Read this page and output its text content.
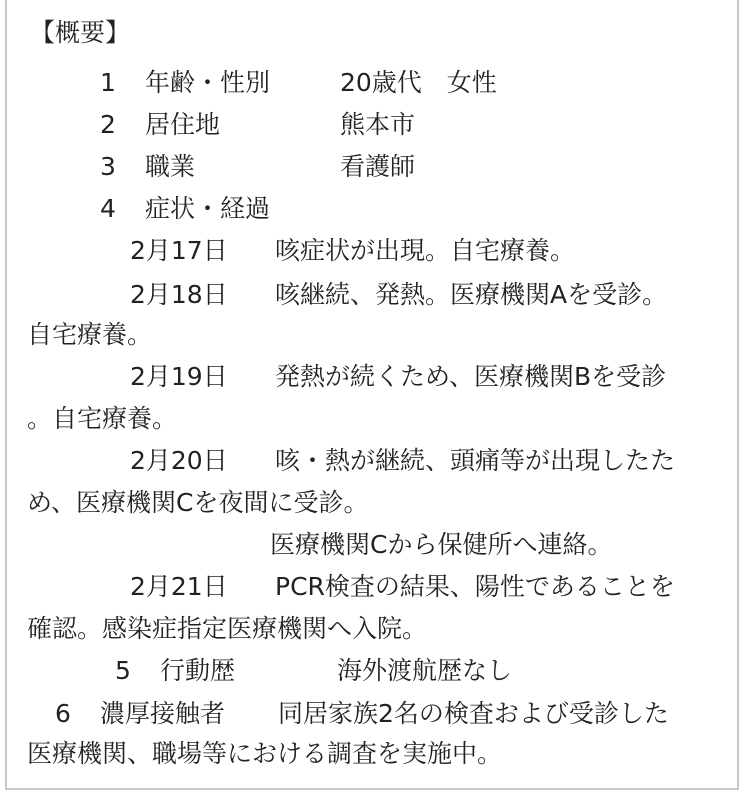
【概要】
1 年齢・性別	20歳代　女性
2 居住地	熊本市
3 職業	看護師
4 症状・経過
2月17日 咳症状が出現。自宅療養。
2月18日 咳継続、発熱。医療機関Aを受診。
自宅療養。
2月19日 発熱が続くため、医療機関Bを受診
。自宅療養。
2月20日 咳・熱が継続、頭痛等が出現したた
め、医療機関Cを夜間に受診。
医療機関Cから保健所へ連絡。
2月21日 PCR検査の結果、陽性であることを
確認。感染症指定医療機関へ入院。
5 行動歴	海外渡航歴なし
6 濃厚接触者 同居家族2名の検査および受診した
医療機関、職場等における調査を実施中。
